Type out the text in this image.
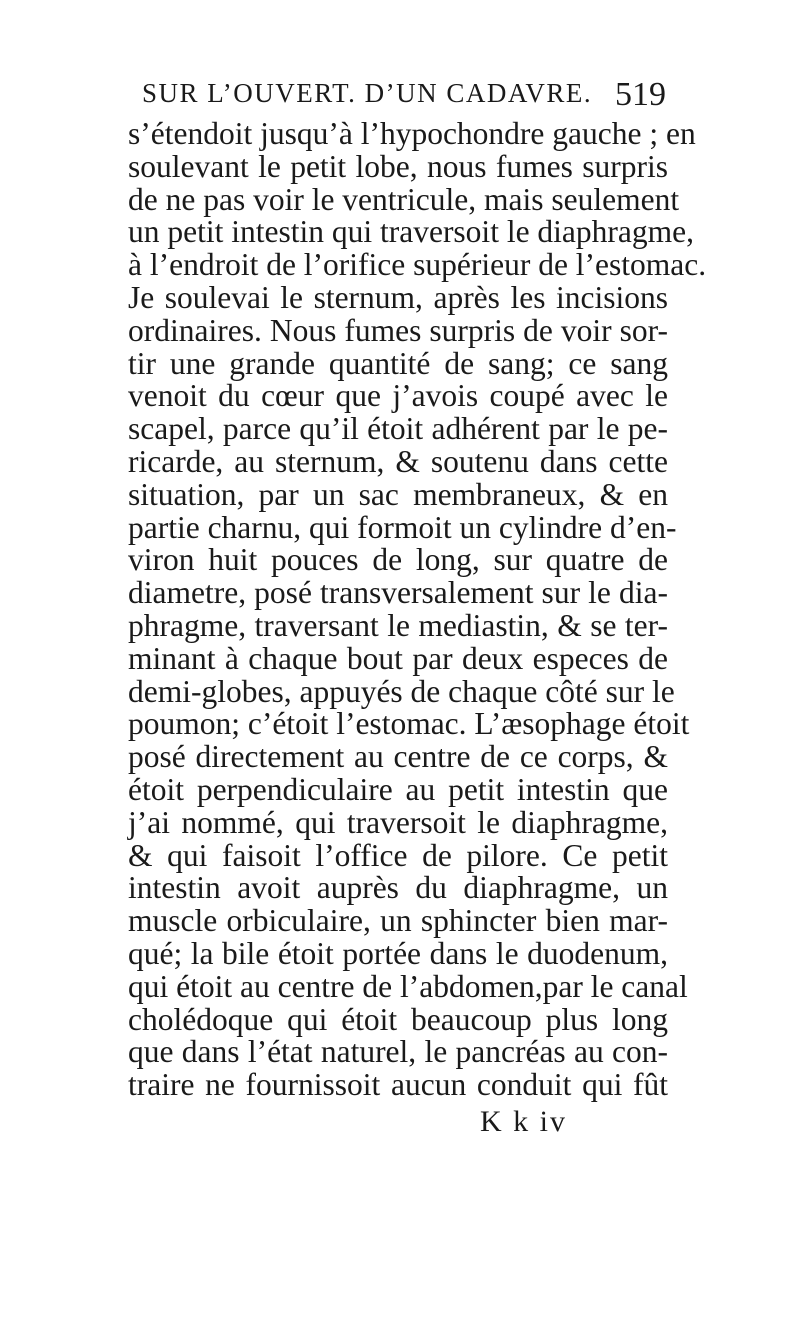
SUR L’OUVERT. D’UN CADAVRE. 519
s’étendoit jusqu’à l’hypochondre gauche ; en
soulevant le petit lobe, nous fumes surpris
de ne pas voir le ventricule, mais seulement
un petit intestin qui traversoit le diaphragme,
à l’endroit de l’orifice supérieur de l’estomac.
Je soulevai le sternum, après les incisions
ordinaires. Nous fumes surpris de voir sor-
tir une grande quantité de sang; ce sang
venoit du cœur que j’avois coupé avec le
scapel, parce qu’il étoit adhérent par le pe-
ricarde, au sternum, & soutenu dans cette
situation, par un sac membraneux, & en
partie charnu, qui formoit un cylindre d’en-
viron huit pouces de long, sur quatre de
diametre, posé transversalement sur le dia-
phragme, traversant le mediastin, & se ter-
minant à chaque bout par deux especes de
demi-globes, appuyés de chaque côté sur le
poumon; c’étoit l’estomac. L’æsophage étoit
posé directement au centre de ce corps, &
étoit perpendiculaire au petit intestin que
j’ai nommé, qui traversoit le diaphragme,
& qui faisoit l’office de pilore. Ce petit
intestin avoit auprès du diaphragme, un
muscle orbiculaire, un sphincter bien mar-
qué; la bile étoit portée dans le duodenum,
qui étoit au centre de l’abdomen,par le canal
cholédoque qui étoit beaucoup plus long
que dans l’état naturel, le pancréas au con-
traire ne fournissoit aucun conduit qui fût
K k iv
